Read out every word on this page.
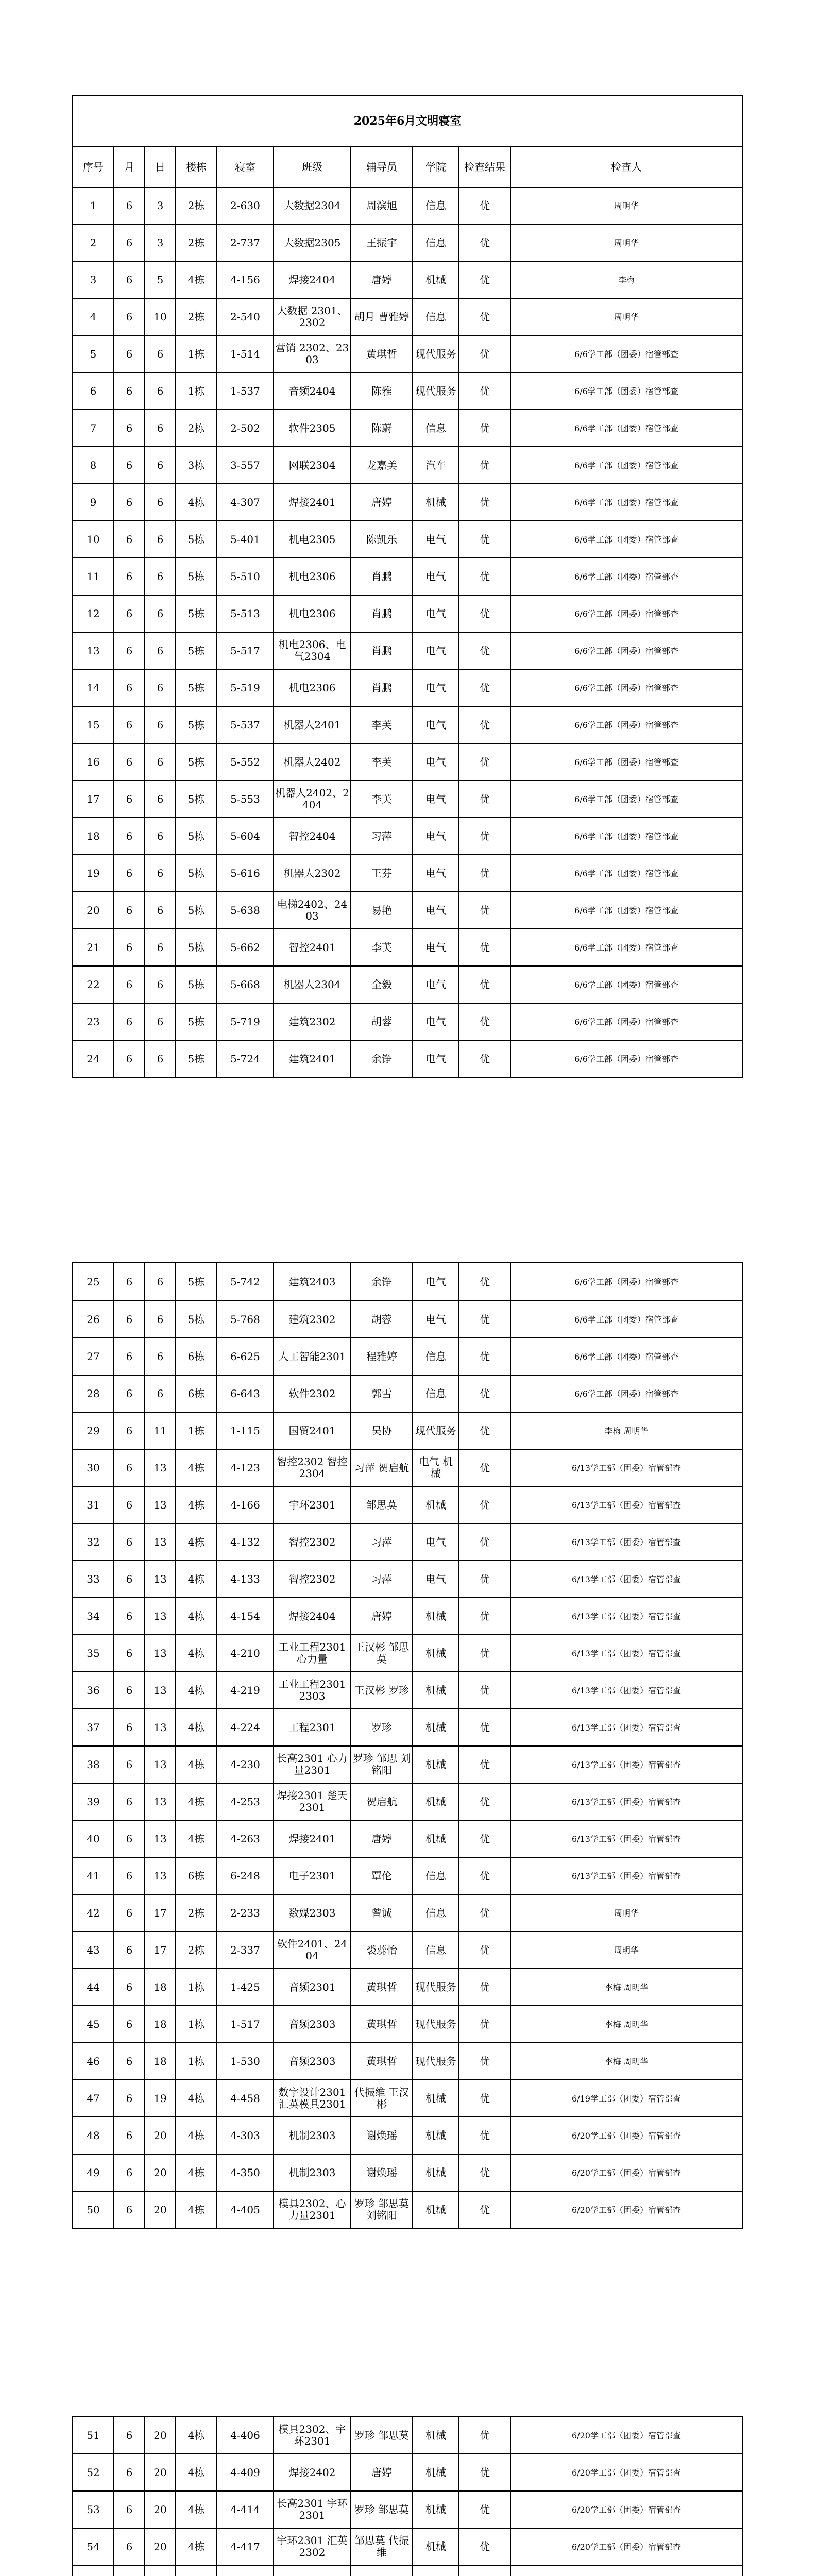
2025年6月文明寝室									
序号	月	日	楼栋	寝室	班级	辅导员	学院	检查结果	检查人
1	6	3	2栋	2-630	大数据2304	周滨旭	信息	优	周明华
2	6	3	2栋	2-737	大数据2305	王振宇	信息	优	周明华
3	6	5	4栋	4-156	焊接2404	唐婷	机械	优	李梅
4	6	10	2栋	2-540	大数据 2301、2302	胡月 曹雅婷	信息	优	周明华
5	6	6	1栋	1-514	营销 2302、2303	黄琪哲	现代服务	优	6/6学工部（团委）宿管部查
6	6	6	1栋	1-537	音频2404	陈雅	现代服务	优	6/6学工部（团委）宿管部查
7	6	6	2栋	2-502	软件2305	陈蔚	信息	优	6/6学工部（团委）宿管部查
8	6	6	3栋	3-557	网联2304	龙嘉美	汽车	优	6/6学工部（团委）宿管部查
9	6	6	4栋	4-307	焊接2401	唐婷	机械	优	6/6学工部（团委）宿管部查
10	6	6	5栋	5-401	机电2305	陈凯乐	电气	优	6/6学工部（团委）宿管部查
11	6	6	5栋	5-510	机电2306	肖鹏	电气	优	6/6学工部（团委）宿管部查
12	6	6	5栋	5-513	机电2306	肖鹏	电气	优	6/6学工部（团委）宿管部查
13	6	6	5栋	5-517	机电2306、电气2304	肖鹏	电气	优	6/6学工部（团委）宿管部查
14	6	6	5栋	5-519	机电2306	肖鹏	电气	优	6/6学工部（团委）宿管部查
15	6	6	5栋	5-537	机器人2401	李芙	电气	优	6/6学工部（团委）宿管部查
16	6	6	5栋	5-552	机器人2402	李芙	电气	优	6/6学工部（团委）宿管部查
17	6	6	5栋	5-553	机器人2402、2404	李芙	电气	优	6/6学工部（团委）宿管部查
18	6	6	5栋	5-604	智控2404	习萍	电气	优	6/6学工部（团委）宿管部查
19	6	6	5栋	5-616	机器人2302	王芬	电气	优	6/6学工部（团委）宿管部查
20	6	6	5栋	5-638	电梯2402、2403	易艳	电气	优	6/6学工部（团委）宿管部查
21	6	6	5栋	5-662	智控2401	李芙	电气	优	6/6学工部（团委）宿管部查
22	6	6	5栋	5-668	机器人2304	全毅	电气	优	6/6学工部（团委）宿管部查
23	6	6	5栋	5-719	建筑2302	胡蓉	电气	优	6/6学工部（团委）宿管部查
24	6	6	5栋	5-724	建筑2401	余铮	电气	优	6/6学工部（团委）宿管部查
25	6	6	5栋	5-742	建筑2403	余铮	电气	优	6/6学工部（团委）宿管部查
26	6	6	5栋	5-768	建筑2302	胡蓉	电气	优	6/6学工部（团委）宿管部查
27	6	6	6栋	6-625	人工智能2301	程雅婷	信息	优	6/6学工部（团委）宿管部查
28	6	6	6栋	6-643	软件2302	郭雪	信息	优	6/6学工部（团委）宿管部查
29	6	11	1栋	1-115	国贸2401	吴协	现代服务	优	李梅 周明华
30	6	13	4栋	4-123	智控2302 智控2304	习萍 贺启航	电气 机械	优	6/13学工部（团委）宿管部查
31	6	13	4栋	4-166	宇环2301	邹思莫	机械	优	6/13学工部（团委）宿管部查
32	6	13	4栋	4-132	智控2302	习萍	电气	优	6/13学工部（团委）宿管部查
33	6	13	4栋	4-133	智控2302	习萍	电气	优	6/13学工部（团委）宿管部查
34	6	13	4栋	4-154	焊接2404	唐婷	机械	优	6/13学工部（团委）宿管部查
35	6	13	4栋	4-210	工业工程2301 心力量	王汉彬 邹思莫	机械	优	6/13学工部（团委）宿管部查
36	6	13	4栋	4-219	工业工程2301 2303	王汉彬 罗珍	机械	优	6/13学工部（团委）宿管部查
37	6	13	4栋	4-224	工程2301	罗珍	机械	优	6/13学工部（团委）宿管部查
38	6	13	4栋	4-230	长高2301 心力量2301	罗珍 邹思 刘铭阳	机械	优	6/13学工部（团委）宿管部查
39	6	13	4栋	4-253	焊接2301 楚天2301	贺启航	机械	优	6/13学工部（团委）宿管部查
40	6	13	4栋	4-263	焊接2401	唐婷	机械	优	6/13学工部（团委）宿管部查
41	6	13	6栋	6-248	电子2301	覃伦	信息	优	6/13学工部（团委）宿管部查
42	6	17	2栋	2-233	数媒2303	曾诚	信息	优	周明华
43	6	17	2栋	2-337	软件2401、2404	裘蕊怡	信息	优	周明华
44	6	18	1栋	1-425	音频2301	黄琪哲	现代服务	优	李梅 周明华
45	6	18	1栋	1-517	音频2303	黄琪哲	现代服务	优	李梅 周明华
46	6	18	1栋	1-530	音频2303	黄琪哲	现代服务	优	李梅 周明华
47	6	19	4栋	4-458	数字设计2301 汇英模具2301	代振维 王汉彬	机械	优	6/19学工部（团委）宿管部查
48	6	20	4栋	4-303	机制2303	谢焕瑶	机械	优	6/20学工部（团委）宿管部查
49	6	20	4栋	4-350	机制2303	谢焕瑶	机械	优	6/20学工部（团委）宿管部查
50	6	20	4栋	4-405	模具2302、心力量2301	罗珍 邹思莫 刘铭阳	机械	优	6/20学工部（团委）宿管部查
51	6	20	4栋	4-406	模具2302、宇环2301	罗珍 邹思莫	机械	优	6/20学工部（团委）宿管部查
52	6	20	4栋	4-409	焊接2402	唐婷	机械	优	6/20学工部（团委）宿管部查
53	6	20	4栋	4-414	长高2301 宇环2301	罗珍 邹思莫	机械	优	6/20学工部（团委）宿管部查
54	6	20	4栋	4-417	宇环2301 汇英2302	邹思莫 代振维	机械	优	6/20学工部（团委）宿管部查
